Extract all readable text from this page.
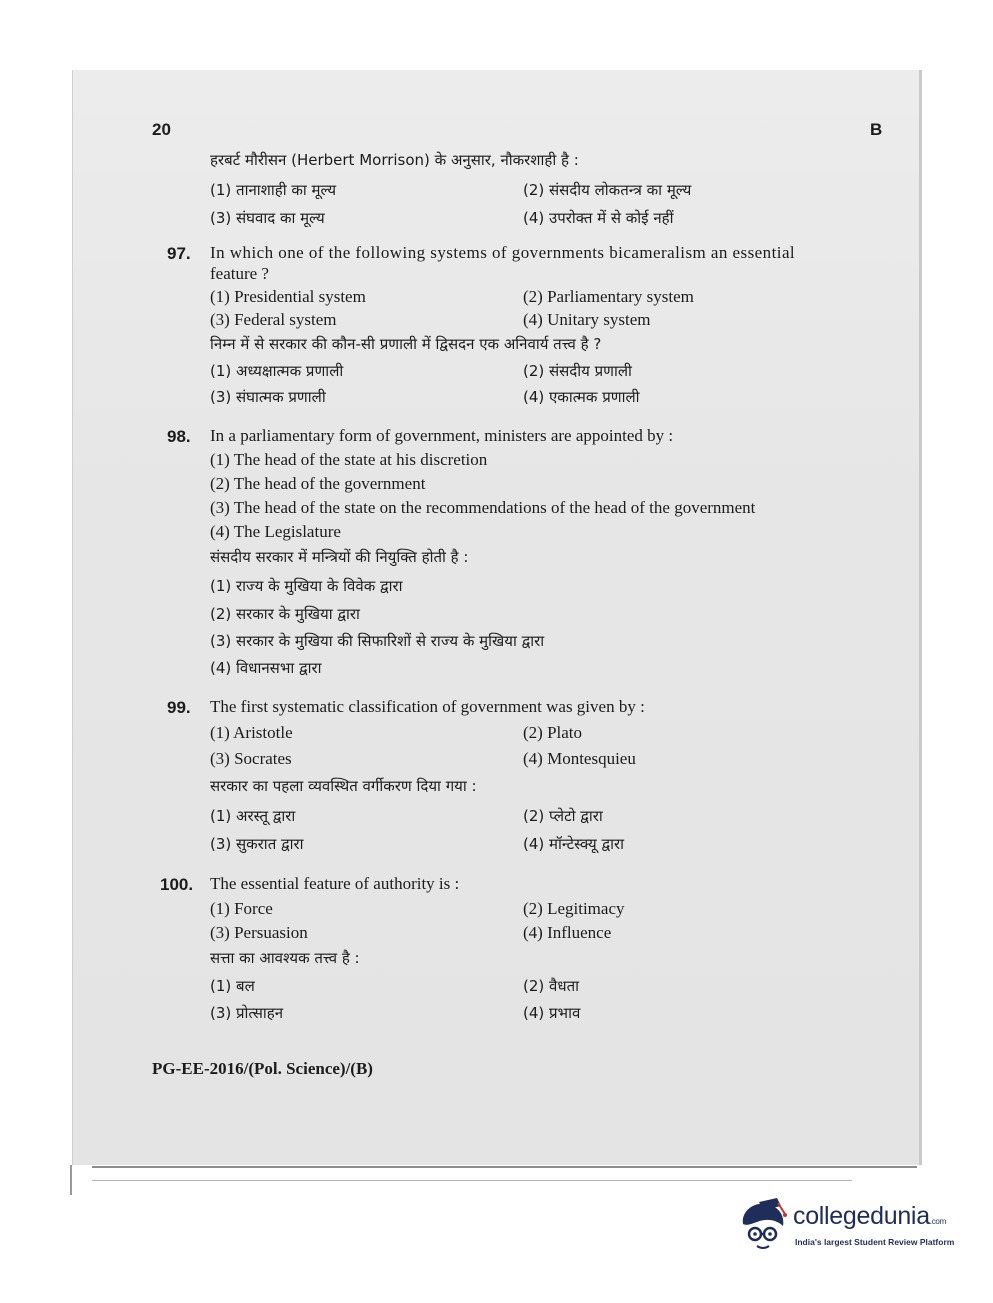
20	B
हरबर्ट मौरीसन (Herbert Morrison) के अनुसार, नौकरशाही है :
(1) तानाशाही का मूल्य	(2) संसदीय लोकतन्त्र का मूल्य
(3) संघवाद का मूल्य	(4) उपरोक्त में से कोई नहीं
97. In which one of the following systems of governments bicameralism an essential
feature ?
(1) Presidential system	(2) Parliamentary system
(3) Federal system	(4) Unitary system
निम्न में से सरकार की कौन-सी प्रणाली में द्विसदन एक अनिवार्य तत्त्व है ?
(1) अध्यक्षात्मक प्रणाली	(2) संसदीय प्रणाली
(3) संघात्मक प्रणाली	(4) एकात्मक प्रणाली
98. In a parliamentary form of government, ministers are appointed by :
(1) The head of the state at his discretion
(2) The head of the government
(3) The head of the state on the recommendations of the head of the government
(4) The Legislature
संसदीय सरकार में मन्त्रियों की नियुक्ति होती है :
(1) राज्य के मुखिया के विवेक द्वारा
(2) सरकार के मुखिया द्वारा
(3) सरकार के मुखिया की सिफारिशों से राज्य के मुखिया द्वारा
(4) विधानसभा द्वारा
99. The first systematic classification of government was given by :
(1) Aristotle	(2) Plato
(3) Socrates	(4) Montesquieu
सरकार का पहला व्यवस्थित वर्गीकरण दिया गया :
(1) अरस्तू द्वारा	(2) प्लेटो द्वारा
(3) सुकरात द्वारा	(4) मॉन्टेस्क्यू द्वारा
100. The essential feature of authority is :
(1) Force	(2) Legitimacy
(3) Persuasion	(4) Influence
सत्ता का आवश्यक तत्त्व है :
(1) बल	(2) वैधता
(3) प्रोत्साहन	(4) प्रभाव
PG-EE-2016/(Pol. Science)/(B)
collegedunia.com
India's largest Student Review Platform
